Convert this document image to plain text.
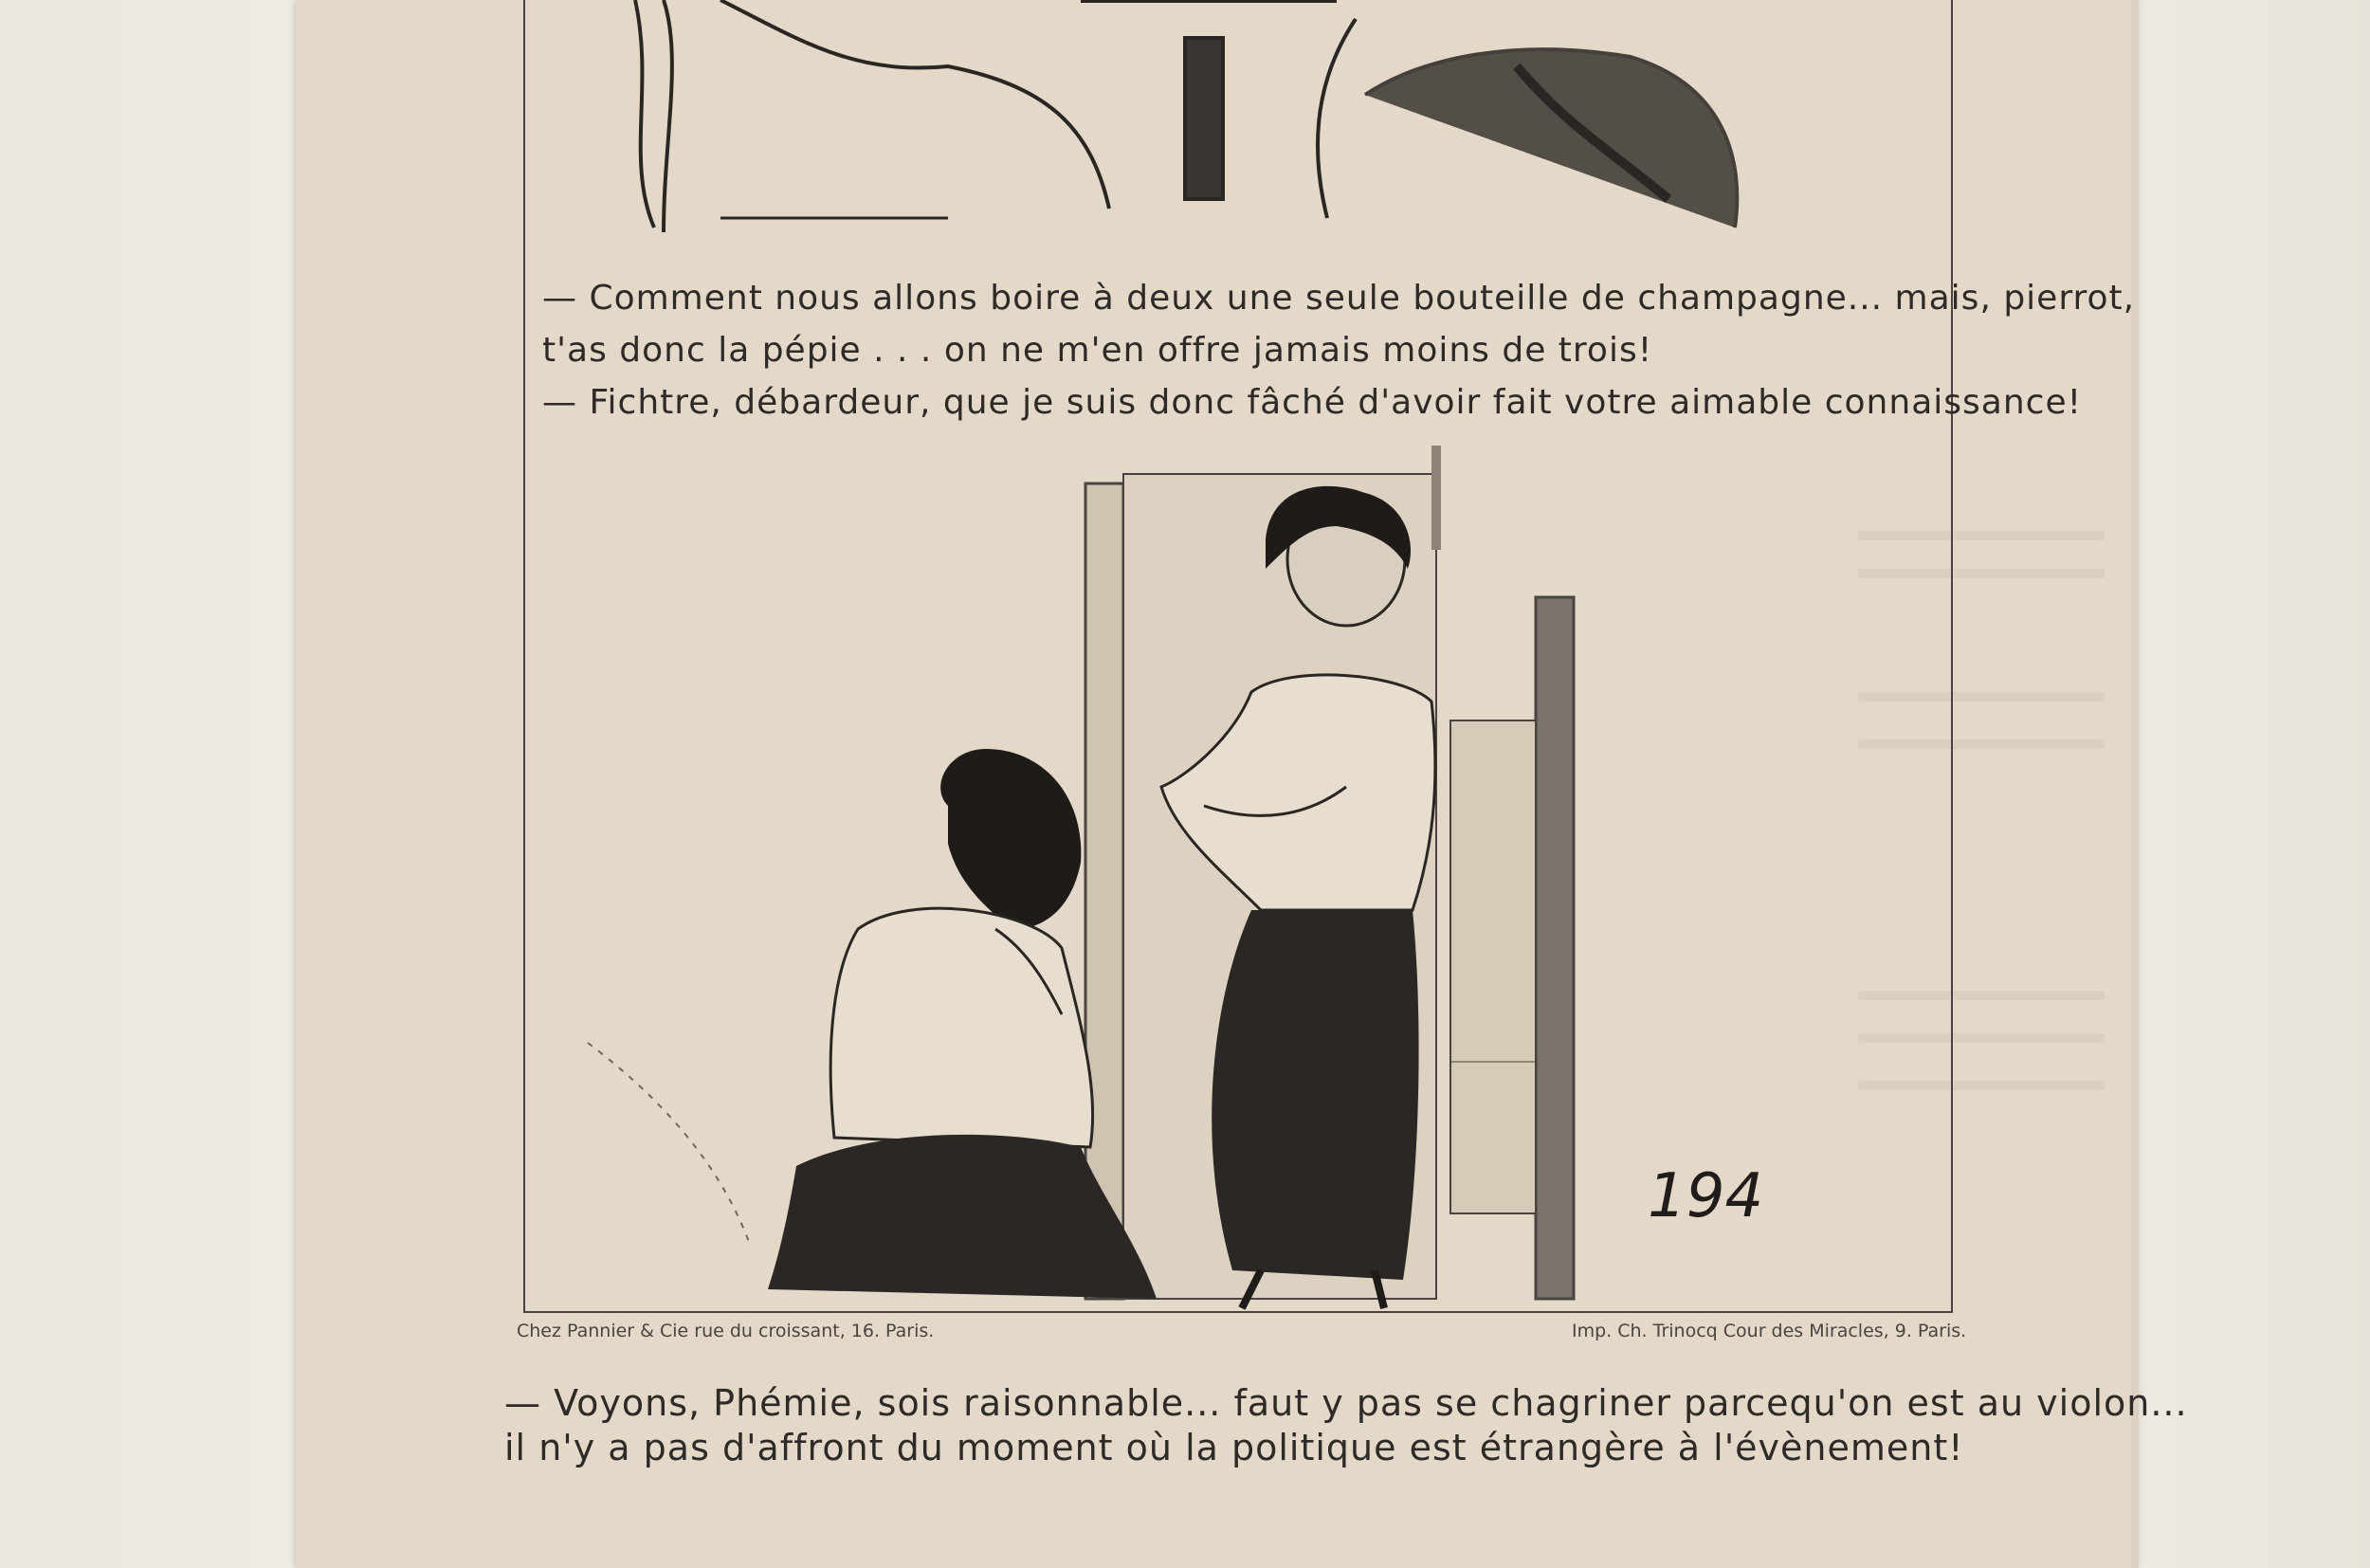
— Comment nous allons boire à deux une seule bouteille de champagne... mais, pierrot,
t'as donc la pépie . . . on ne m'en offre jamais moins de trois!
— Fichtre, débardeur, que je suis donc fâché d'avoir fait votre aimable connaissance!
194
Chez Pannier & Cie rue du croissant, 16. Paris.	Imp. Ch. Trinocq Cour des Miracles, 9. Paris.
— Voyons, Phémie, sois raisonnable... faut y pas se chagriner parcequ'on est au violon...
il n'y a pas d'affront du moment où la politique est étrangère à l'évènement!
